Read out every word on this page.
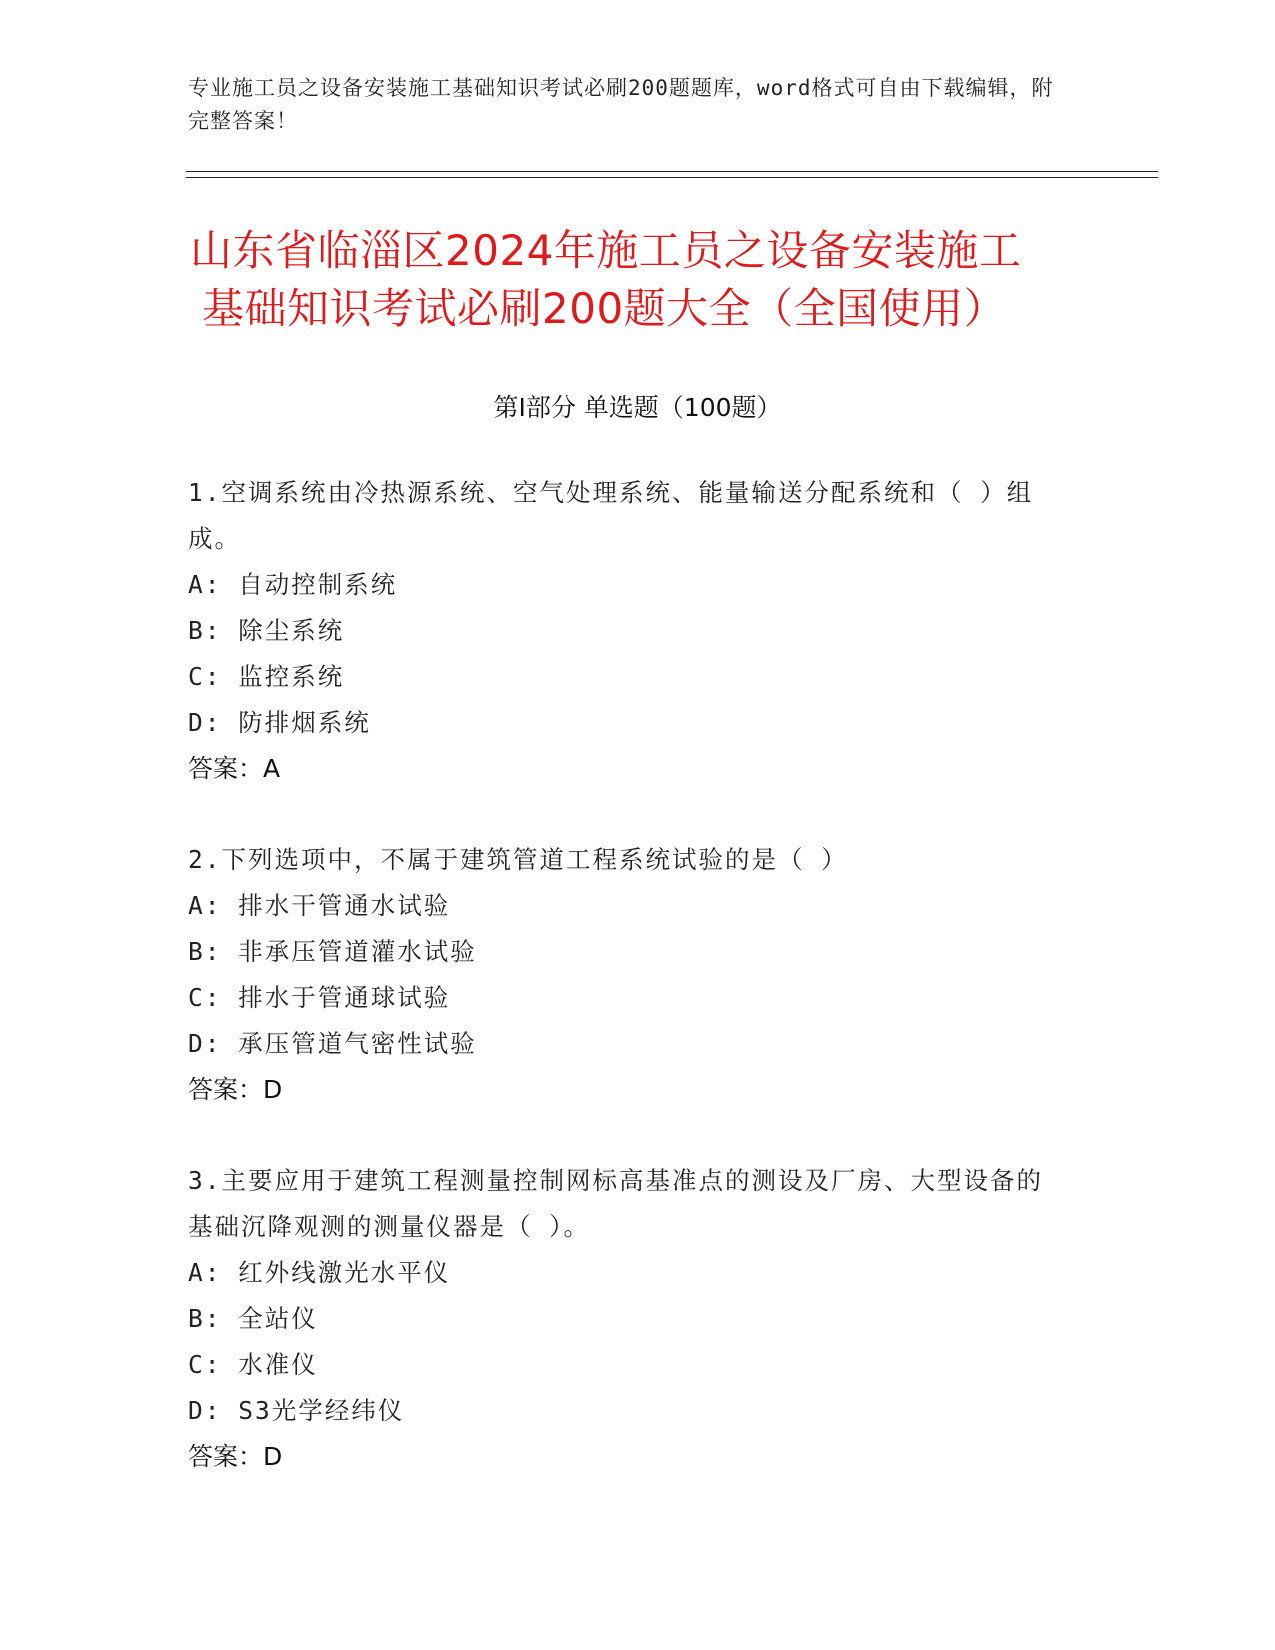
专业施工员之设备安装施工基础知识考试必刷200题题库，word格式可自由下载编辑，附完整答案！
山东省临淄区2024年施工员之设备安装施工
基础知识考试必刷200题大全（全国使用）
第Ⅰ部分 单选题（100题）
1.空调系统由冷热源系统、空气处理系统、能量输送分配系统和（ ）组成。
A: 自动控制系统
B: 除尘系统
C: 监控系统
D: 防排烟系统
答案：A
2.下列选项中，不属于建筑管道工程系统试验的是（ ）
A: 排水干管通水试验
B: 非承压管道灌水试验
C: 排水于管通球试验
D: 承压管道气密性试验
答案：D
3.主要应用于建筑工程测量控制网标高基准点的测设及厂房、大型设备的基础沉降观测的测量仪器是（ ）。
A: 红外线激光水平仪
B: 全站仪
C: 水准仪
D: S3光学经纬仪
答案：D
